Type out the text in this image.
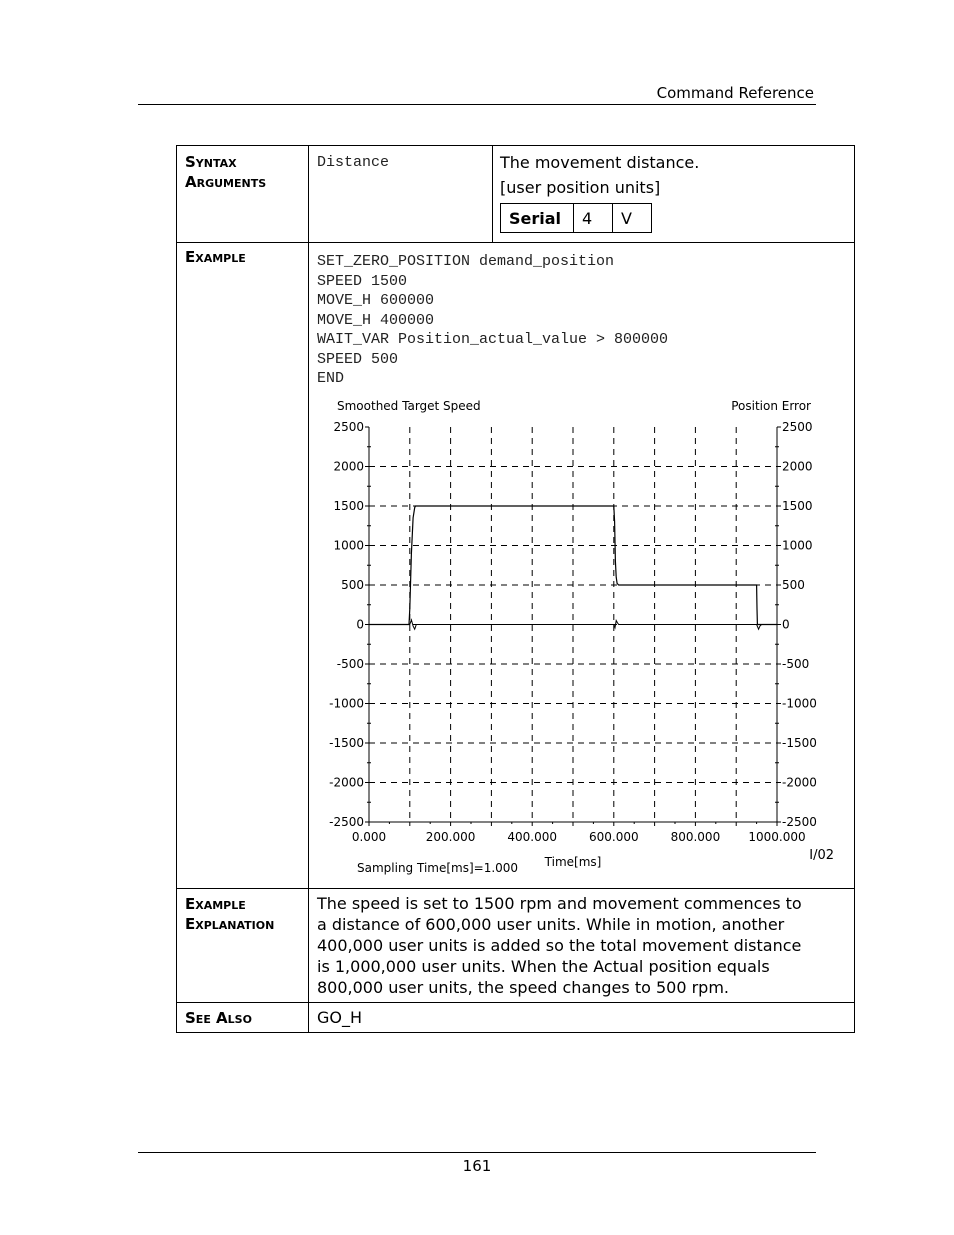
Command Reference
Syntax
Arguments

Distance	The movement distance.
[user position units]
Serial	4	V

Example	SET_ZERO_POSITION demand_position
SPEED 1500
MOVE_H 600000
MOVE_H 400000
WAIT_VAR Position_actual_value > 800000
SPEED 500
END
Smoothed Target Speed	Position Error
Time[ms]
Sampling Time[ms]=1.000
I/02
2500	2500
2000	2000
1500	1500
1000	1000
500	500
0	0
-500	-500
-1000	-1000
-1500	-1500
-2000	-2000
-2500	-2500
0.000	200.000	400.000	600.000	800.000 1000.000

Example
Explanation

The speed is set to 1500 rpm and movement commences to
a distance of 600,000 user units. While in motion, another
400,000 user units is added so the total movement distance
is 1,000,000 user units. When the Actual position equals
800,000 user units, the speed changes to 500 rpm.

See Also	GO_H
161
